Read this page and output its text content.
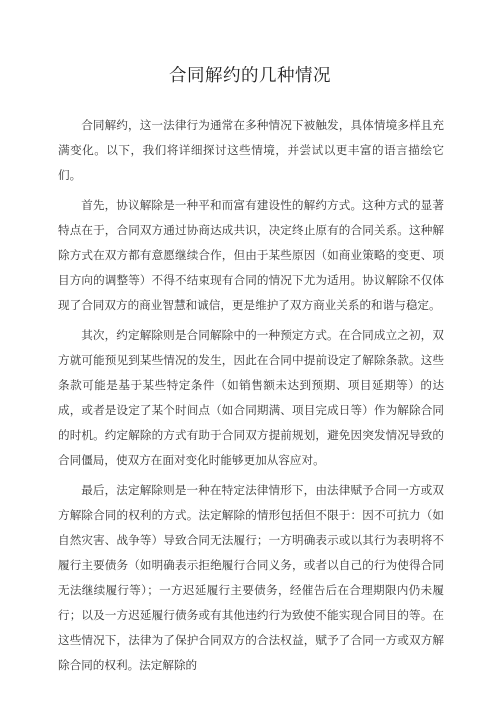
合同解约的几种情况

合同解约，这一法律行为通常在多种情况下被触发，具体情境多样且充满变化。以下，我们将详细探讨这些情境，并尝试以更丰富的语言描绘它们。

首先，协议解除是一种平和而富有建设性的解约方式。这种方式的显著特点在于，合同双方通过协商达成共识，决定终止原有的合同关系。这种解除方式在双方都有意愿继续合作，但由于某些原因（如商业策略的变更、项目方向的调整等）不得不结束现有合同的情况下尤为适用。协议解除不仅体现了合同双方的商业智慧和诚信，更是维护了双方商业关系的和谐与稳定。

其次，约定解除则是合同解除中的一种预定方式。在合同成立之初，双方就可能预见到某些情况的发生，因此在合同中提前设定了解除条款。这些条款可能是基于某些特定条件（如销售额未达到预期、项目延期等）的达成，或者是设定了某个时间点（如合同期满、项目完成日等）作为解除合同的时机。约定解除的方式有助于合同双方提前规划，避免因突发情况导致的合同僵局，使双方在面对变化时能够更加从容应对。

最后，法定解除则是一种在特定法律情形下，由法律赋予合同一方或双方解除合同的权利的方式。法定解除的情形包括但不限于：因不可抗力（如自然灾害、战争等）导致合同无法履行；一方明确表示或以其行为表明将不履行主要债务（如明确表示拒绝履行合同义务，或者以自己的行为使得合同无法继续履行等）；一方迟延履行主要债务，经催告后在合理期限内仍未履行；以及一方迟延履行债务或有其他违约行为致使不能实现合同目的等。在这些情况下，法律为了保护合同双方的合法权益，赋予了合同一方或双方解除合同的权利。法定解除的
